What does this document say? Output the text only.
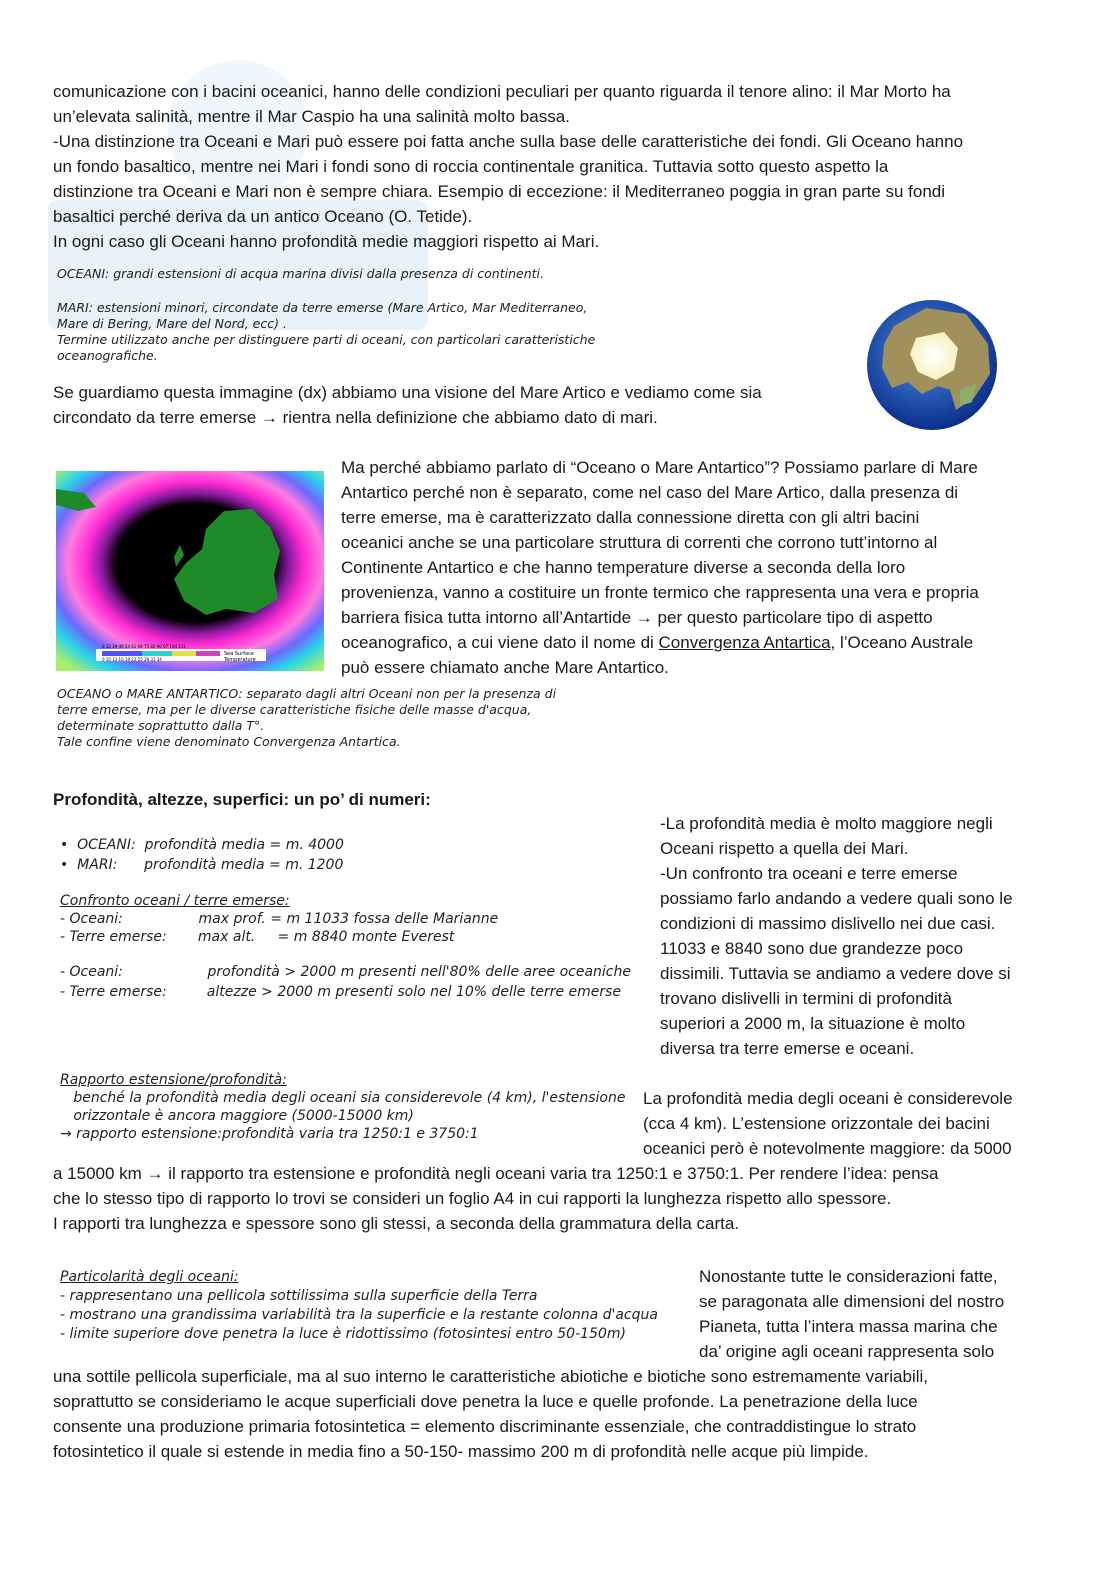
comunicazione con i bacini oceanici, hanno delle condizioni peculiari per quanto riguarda il tenore alino: il Mar Morto ha

un’elevata salinità, mentre il Mar Caspio ha una salinità molto bassa.

-Una distinzione tra Oceani e Mari può essere poi fatta anche sulla base delle caratteristiche dei fondi. Gli Oceano hanno

un fondo basaltico, mentre nei Mari i fondi sono di roccia continentale granitica. Tuttavia sotto questo aspetto la

distinzione tra Oceani e Mari non è sempre chiara. Esempio di eccezione: il Mediterraneo poggia in gran parte su fondi

basaltici perché deriva da un antico Oceano (O. Tetide).

In ogni caso gli Oceani hanno profondità medie maggiori rispetto ai Mari.

OCEANI: grandi estensioni di acqua marina divisi dalla presenza di continenti.

MARI: estensioni minori, circondate da terre emerse (Mare Artico, Mar Mediterraneo,

Mare di Bering, Mare del Nord, ecc) .

Termine utilizzato anche per distinguere parti di oceani, con particolari caratteristiche

oceanografiche.

Se guardiamo questa immagine (dx) abbiamo una visione del Mare Artico e vediamo come sia

circondato da terre emerse → rientra nella definizione che abbiamo dato di mari.

Sea Surface
Temperature
0 32 39 46 54 61 68 75 82 90 97 104 111
0 10 13 16 19 22 25 28 31 34

Ma perché abbiamo parlato di “Oceano o Mare Antartico”? Possiamo parlare di Mare

Antartico perché non è separato, come nel caso del Mare Artico, dalla presenza di

terre emerse, ma è caratterizzato dalla connessione diretta con gli altri bacini

oceanici anche se una particolare struttura di correnti che corrono tutt’intorno al

Continente Antartico e che hanno temperature diverse a seconda della loro

provenienza, vanno a costituire un fronte termico che rappresenta una vera e propria

barriera fisica tutta intorno all’Antartide → per questo particolare tipo di aspetto

oceanografico, a cui viene dato il nome di Convergenza Antartica, l’Oceano Australe

può essere chiamato anche Mare Antartico.

OCEANO o MARE ANTARTICO: separato dagli altri Oceani non per la presenza di

terre emerse, ma per le diverse caratteristiche fisiche delle masse d'acqua,

determinate soprattutto dalla T°.

Tale confine viene denominato Convergenza Antartica.

Profondità, altezze, superfici: un po’ di numeri:

•  OCEANI:  profondità media = m. 4000

•  MARI:      profondità media = m. 1200

Confronto oceani / terre emerse:

- Oceani:                 max prof. = m 11033 fossa delle Marianne

- Terre emerse:       max alt.     = m 8840 monte Everest

- Oceani:                   profondità > 2000 m presenti nell'80% delle aree oceaniche

- Terre emerse:         altezze > 2000 m presenti solo nel 10% delle terre emerse

-La profondità media è molto maggiore negli

Oceani rispetto a quella dei Mari.

-Un confronto tra oceani e terre emerse

possiamo farlo andando a vedere quali sono le

condizioni di massimo dislivello nei due casi.

11033 e 8840 sono due grandezze poco

dissimili. Tuttavia se andiamo a vedere dove si

trovano dislivelli in termini di profondità

superiori a 2000 m, la situazione è molto

diversa tra terre emerse e oceani.

Rapporto estensione/profondità:

benché la profondità media degli oceani sia considerevole (4 km), l'estensione

orizzontale è ancora maggiore (5000-15000 km)

→ rapporto estensione:profondità varia tra 1250:1 e 3750:1

La profondità media degli oceani è considerevole

(cca 4 km). L’estensione orizzontale dei bacini

oceanici però è notevolmente maggiore: da 5000

a 15000 km → il rapporto tra estensione e profondità negli oceani varia tra 1250:1 e 3750:1. Per rendere l’idea: pensa

che lo stesso tipo di rapporto lo trovi se consideri un foglio A4 in cui rapporti la lunghezza rispetto allo spessore.

I rapporti tra lunghezza e spessore sono gli stessi, a seconda della grammatura della carta.

Particolarità degli oceani:

- rappresentano una pellicola sottilissima sulla superficie della Terra

- mostrano una grandissima variabilità tra la superficie e la restante colonna d'acqua

- limite superiore dove penetra la luce è ridottissimo (fotosintesi entro 50-150m)

Nonostante tutte le considerazioni fatte,

se paragonata alle dimensioni del nostro

Pianeta, tutta l’intera massa marina che

da’ origine agli oceani rappresenta solo

una sottile pellicola superficiale, ma al suo interno le caratteristiche abiotiche e biotiche sono estremamente variabili,

soprattutto se consideriamo le acque superficiali dove penetra la luce e quelle profonde. La penetrazione della luce

consente una produzione primaria fotosintetica = elemento discriminante essenziale, che contraddistingue lo strato

fotosintetico il quale si estende in media fino a 50-150- massimo 200 m di profondità nelle acque più limpide.
